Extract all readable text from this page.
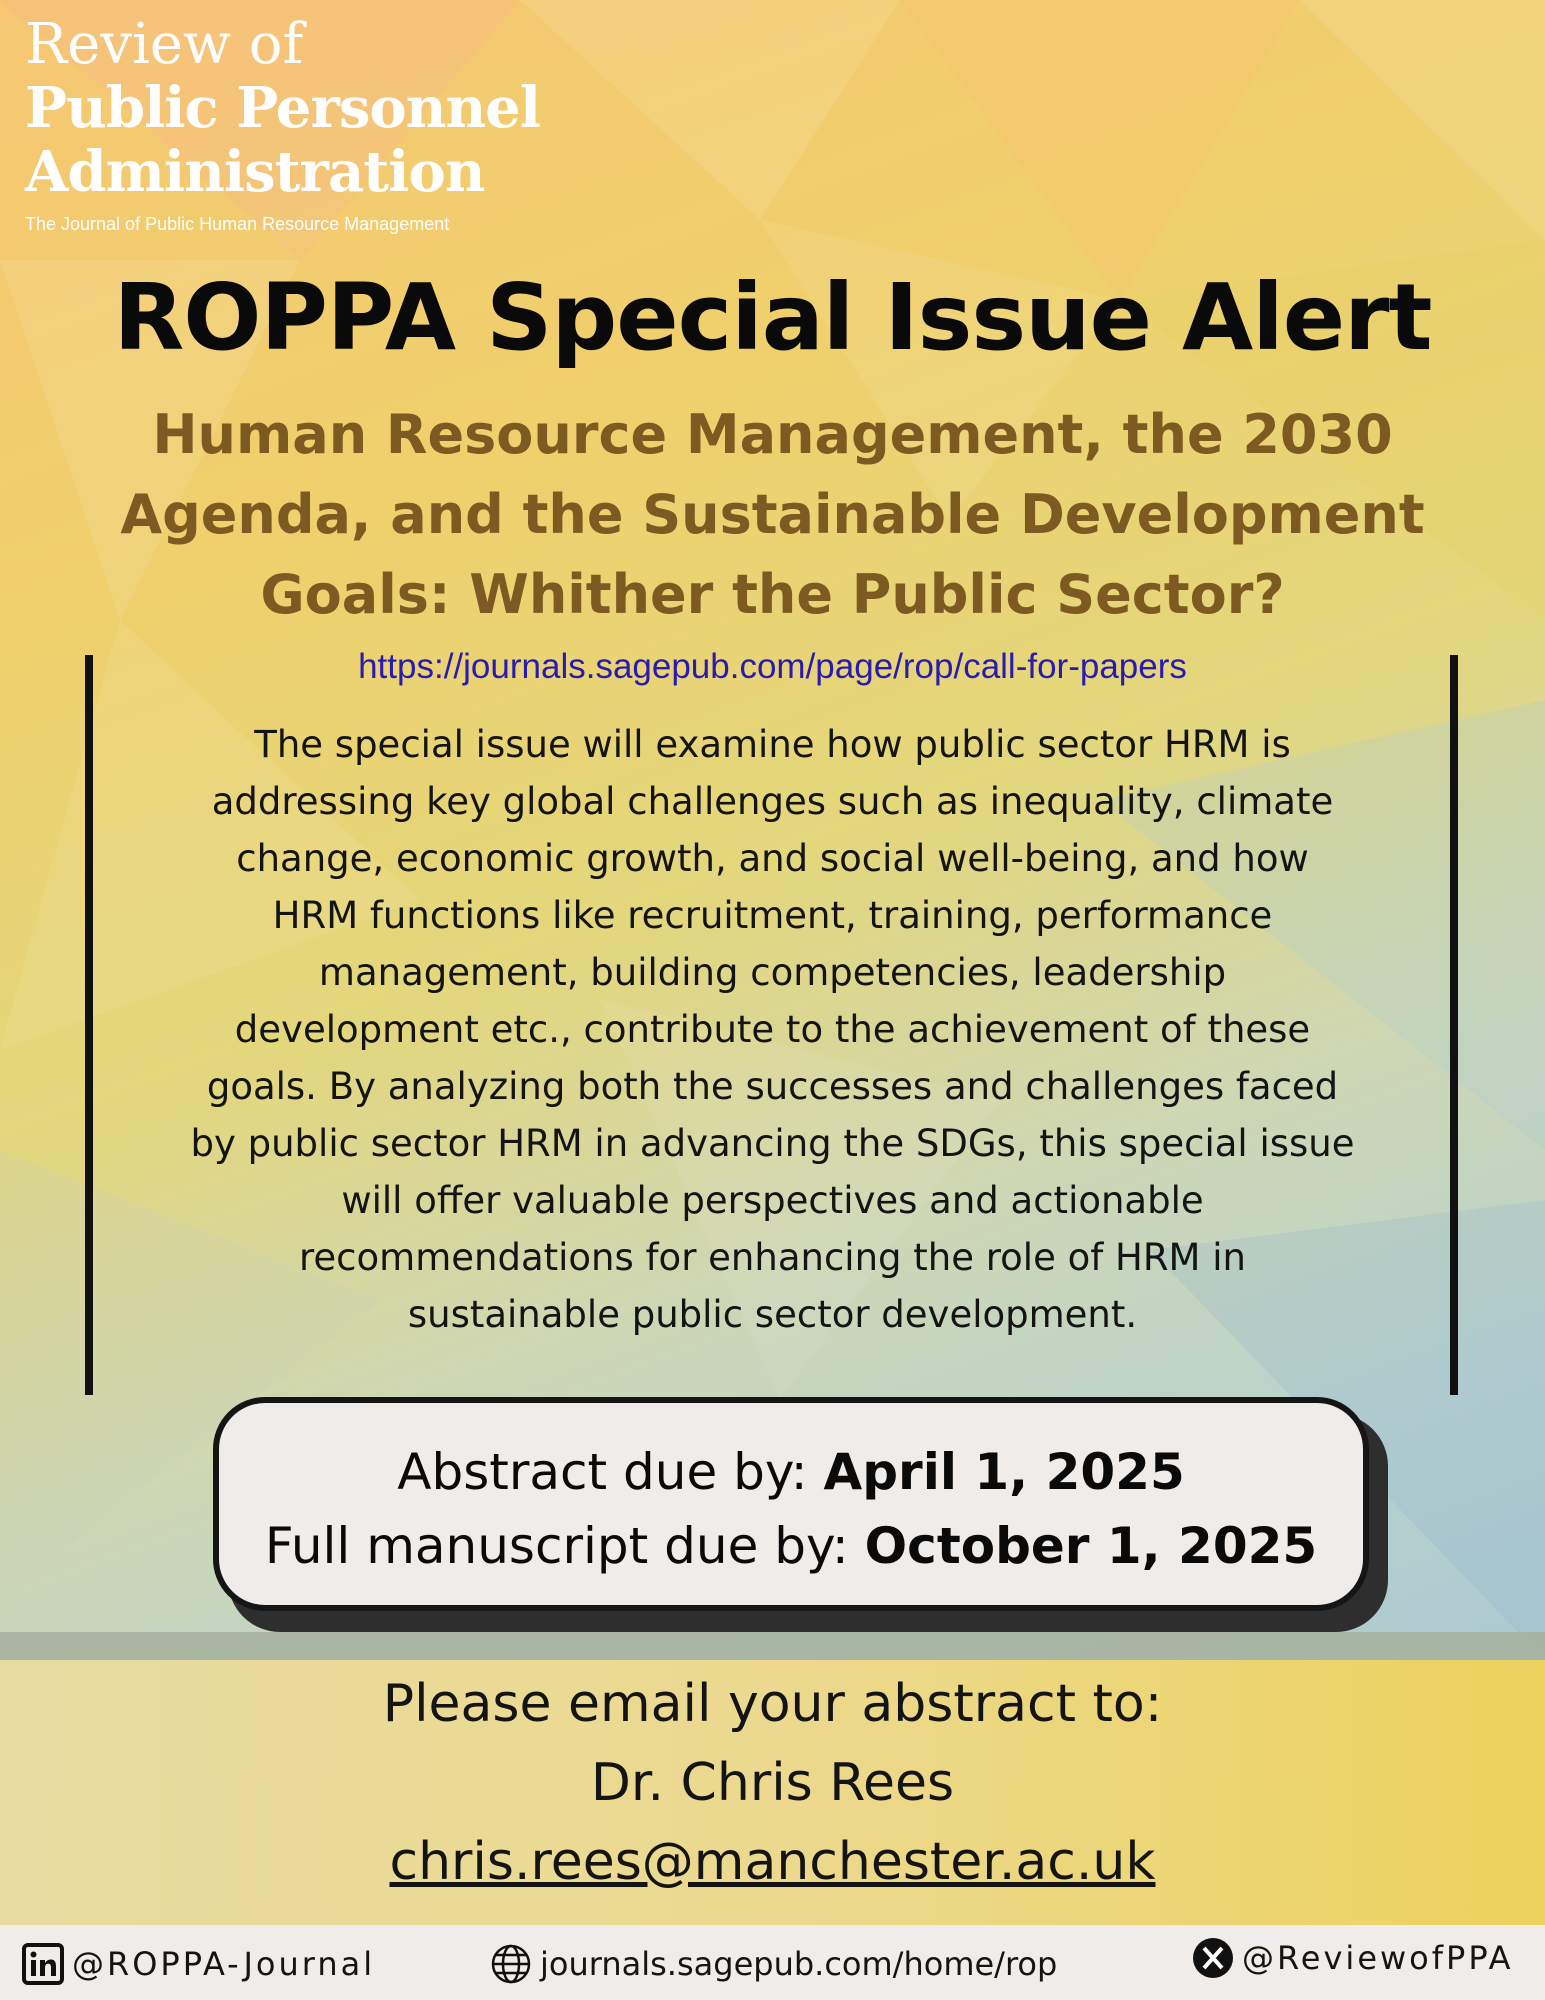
Review of
Public Personnel
Administration
The Journal of Public Human Resource Management
ROPPA Special Issue Alert
Human Resource Management, the 2030
Agenda, and the Sustainable Development
Goals: Whither the Public Sector?
https://journals.sagepub.com/page/rop/call-for-papers
The special issue will examine how public sector HRM is
addressing key global challenges such as inequality, climate
change, economic growth, and social well-being, and how
HRM functions like recruitment, training, performance
management, building competencies, leadership
development etc., contribute to the achievement of these
goals. By analyzing both the successes and challenges faced
by public sector HRM in advancing the SDGs, this special issue
will offer valuable perspectives and actionable
recommendations for enhancing the role of HRM in
sustainable public sector development.
Abstract due by: April 1, 2025
Full manuscript due by: October 1, 2025
Please email your abstract to:
Dr. Chris Rees
chris.rees@manchester.ac.uk
@ROPPA-Journal	journals.sagepub.com/home/rop	@ReviewofPPA
